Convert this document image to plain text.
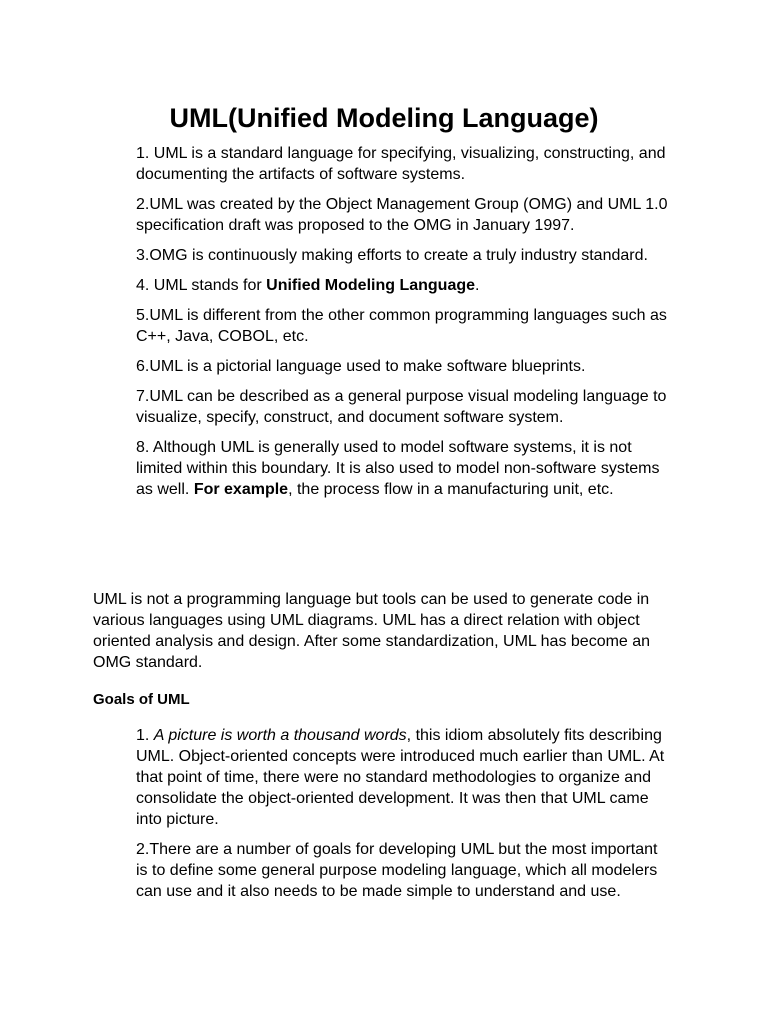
UML(Unified Modeling Language)
1. UML is a standard language for specifying, visualizing, constructing, and documenting the artifacts of software systems.
2.UML was created by the Object Management Group (OMG) and UML 1.0 specification draft was proposed to the OMG in January 1997.
3.OMG is continuously making efforts to create a truly industry standard.
4. UML stands for Unified Modeling Language.
5.UML is different from the other common programming languages such as C++, Java, COBOL, etc.
6.UML is a pictorial language used to make software blueprints.
7.UML can be described as a general purpose visual modeling language to visualize, specify, construct, and document software system.
8. Although UML is generally used to model software systems, it is not limited within this boundary. It is also used to model non-software systems as well. For example, the process flow in a manufacturing unit, etc.

UML is not a programming language but tools can be used to generate code in various languages using UML diagrams. UML has a direct relation with object oriented analysis and design. After some standardization, UML has become an OMG standard.

Goals of UML
1. A picture is worth a thousand words, this idiom absolutely fits describing UML. Object-oriented concepts were introduced much earlier than UML. At that point of time, there were no standard methodologies to organize and consolidate the object-oriented development. It was then that UML came into picture.
2.There are a number of goals for developing UML but the most important is to define some general purpose modeling language, which all modelers can use and it also needs to be made simple to understand and use.
